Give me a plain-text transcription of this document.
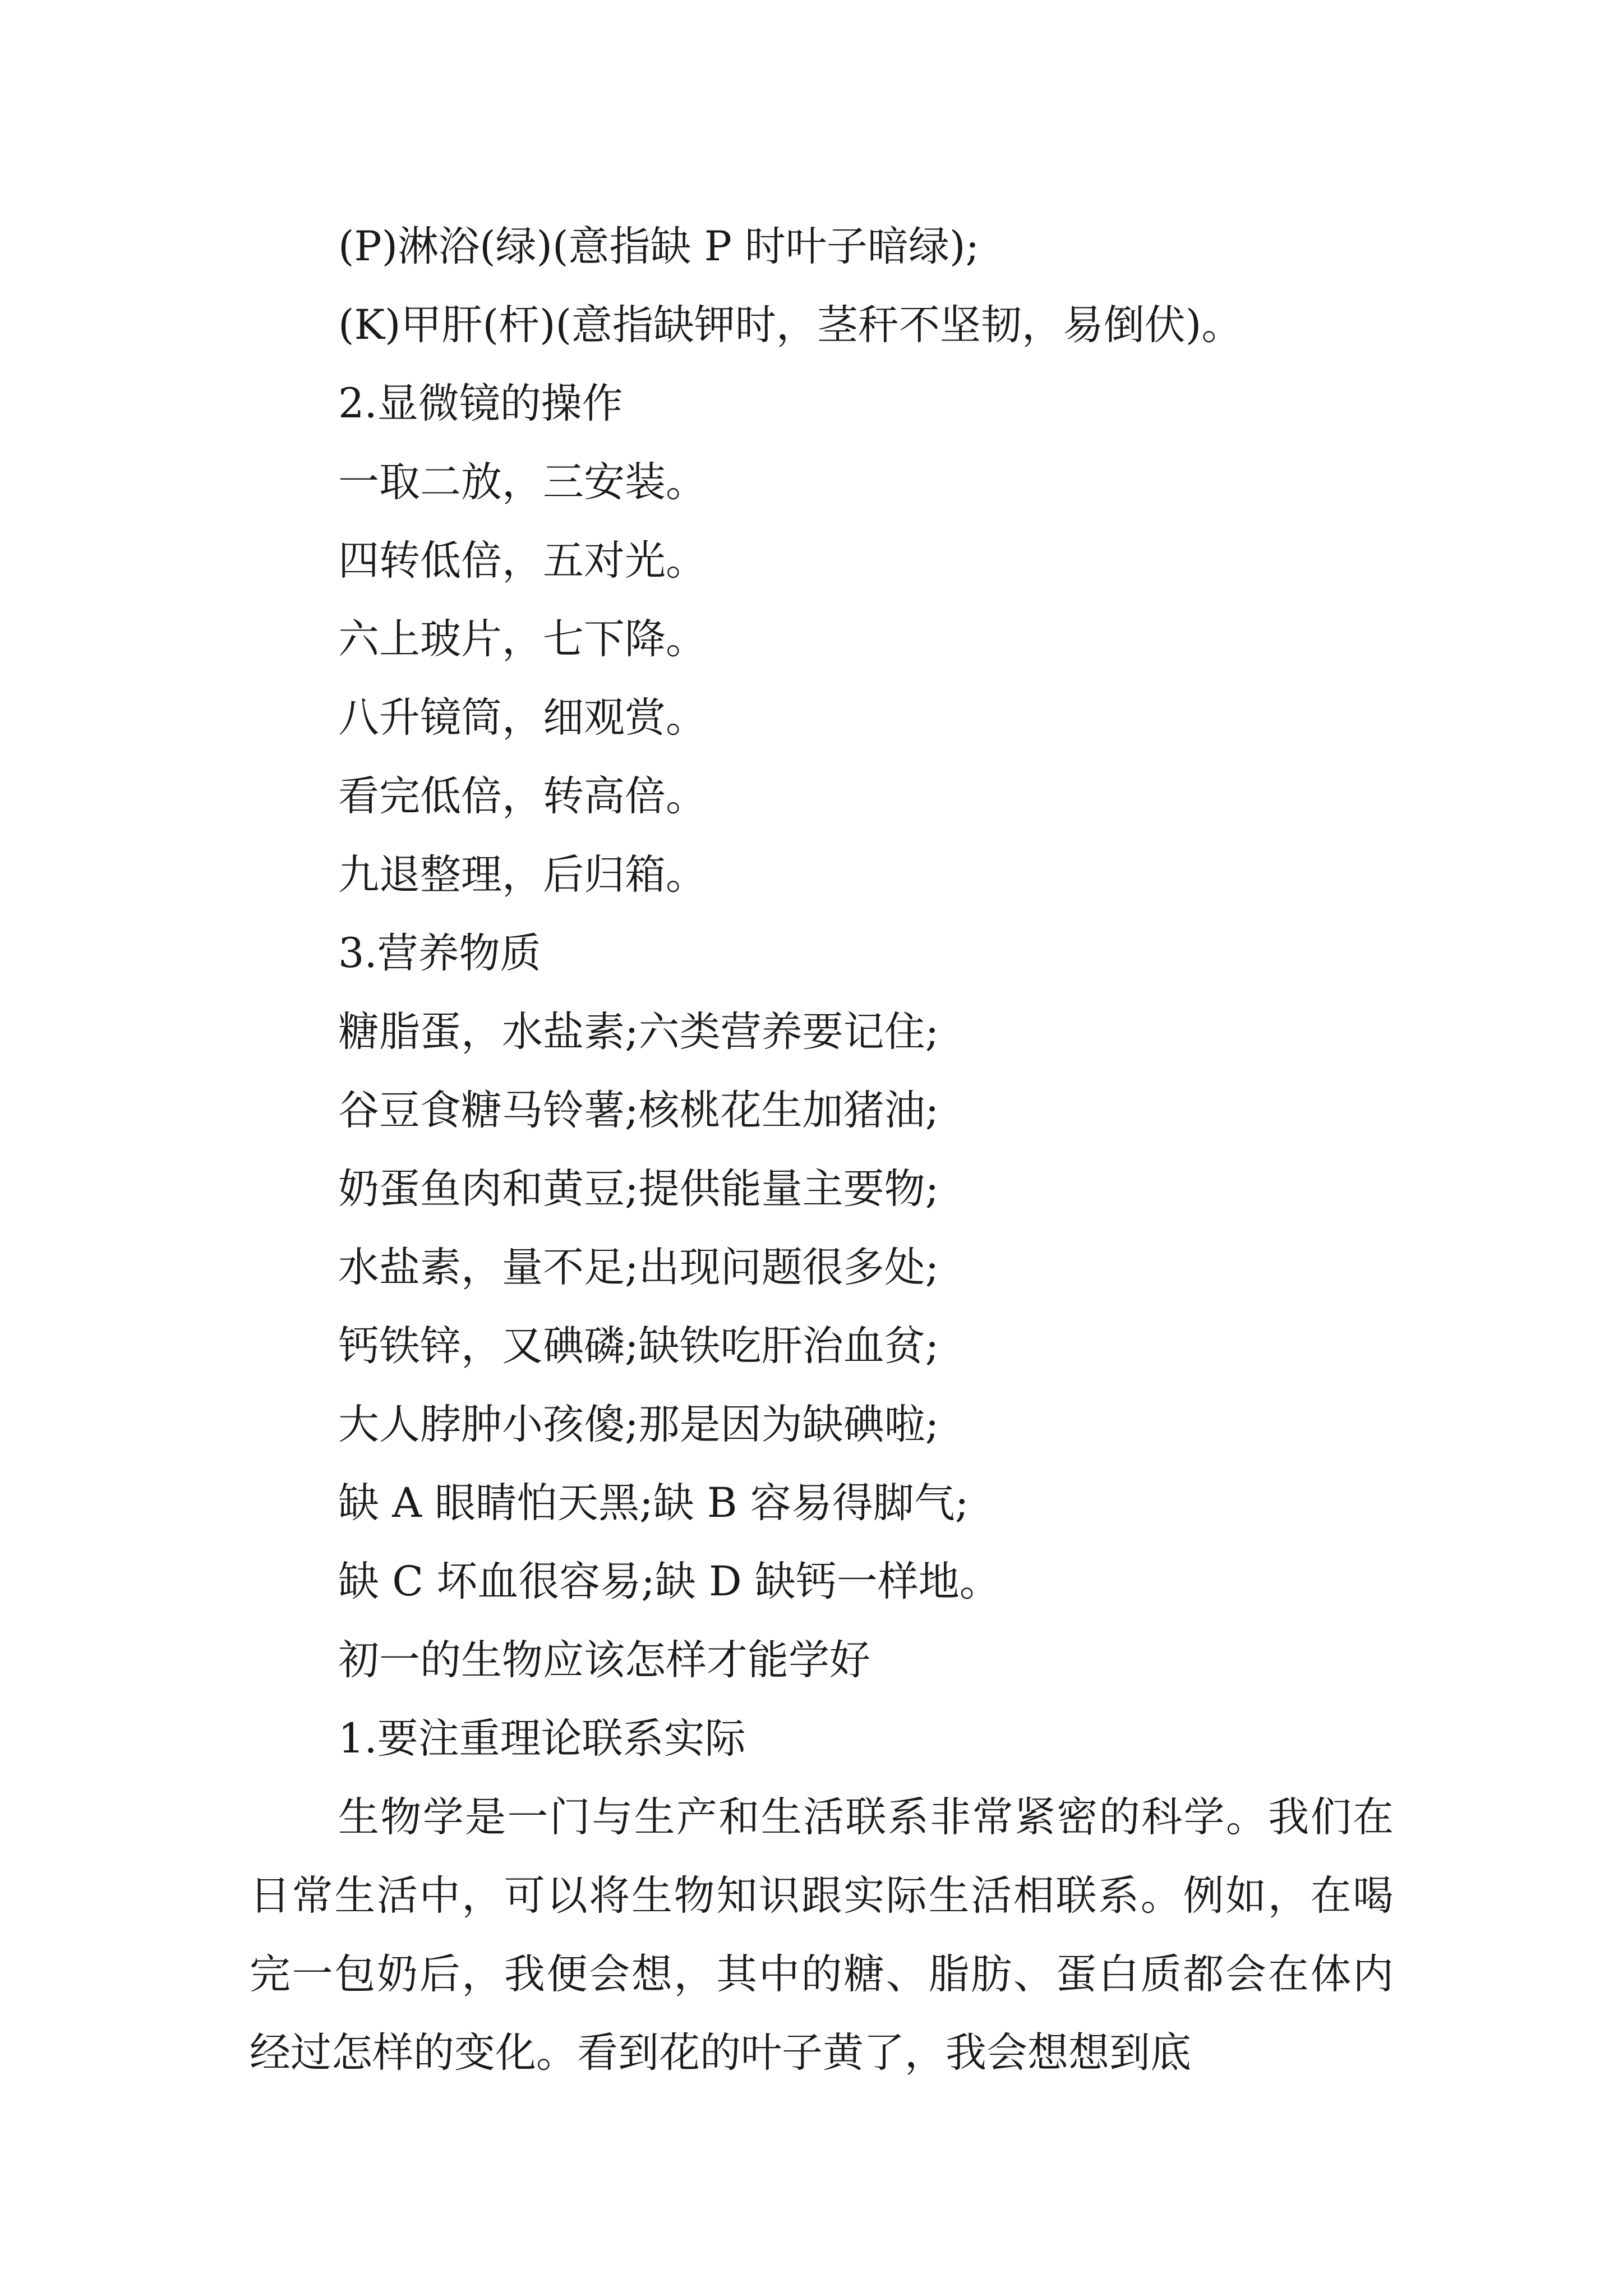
(P)淋浴(绿)(意指缺 P 时叶子暗绿);
(K)甲肝(杆)(意指缺钾时，茎秆不坚韧，易倒伏)。
2.显微镜的操作
一取二放，三安装。
四转低倍，五对光。
六上玻片，七下降。
八升镜筒，细观赏。
看完低倍，转高倍。
九退整理，后归箱。
3.营养物质
糖脂蛋，水盐素;六类营养要记住;
谷豆食糖马铃薯;核桃花生加猪油;
奶蛋鱼肉和黄豆;提供能量主要物;
水盐素，量不足;出现问题很多处;
钙铁锌，又碘磷;缺铁吃肝治血贫;
大人脖肿小孩傻;那是因为缺碘啦;
缺 A 眼睛怕天黑;缺 B 容易得脚气;
缺 C 坏血很容易;缺 D 缺钙一样地。
初一的生物应该怎样才能学好
1.要注重理论联系实际

生物学是一门与生产和生活联系非常紧密的科学。我们在日常生活中，可以将生物知识跟实际生活相联系。例如，在喝完一包奶后，我便会想，其中的糖、脂肪、蛋白质都会在体内经过怎样的变化。看到花的叶子黄了，我会想想到底
